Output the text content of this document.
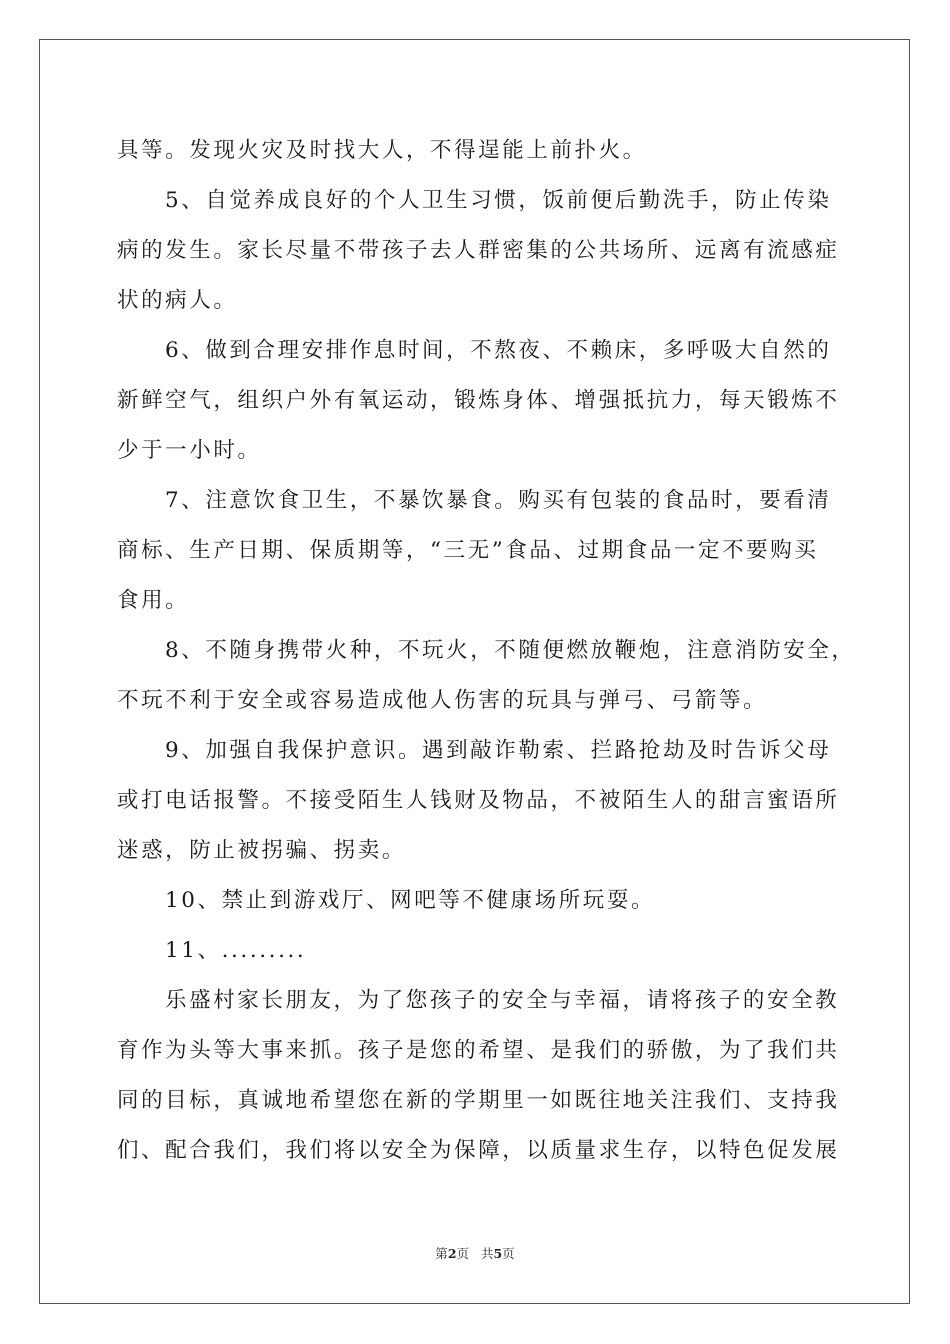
具等。发现火灾及时找大人，不得逞能上前扑火。
5、自觉养成良好的个人卫生习惯，饭前便后勤洗手，防止传染
病的发生。家长尽量不带孩子去人群密集的公共场所、远离有流感症
状的病人。
6、做到合理安排作息时间，不熬夜、不赖床，多呼吸大自然的
新鲜空气，组织户外有氧运动，锻炼身体、增强抵抗力，每天锻炼不
少于一小时。
7、注意饮食卫生，不暴饮暴食。购买有包装的食品时，要看清
商标、生产日期、保质期等，“三无”食品、过期食品一定不要购买
食用。
8、不随身携带火种，不玩火，不随便燃放鞭炮，注意消防安全，
不玩不利于安全或容易造成他人伤害的玩具与弹弓、弓箭等。
9、加强自我保护意识。遇到敲诈勒索、拦路抢劫及时告诉父母
或打电话报警。不接受陌生人钱财及物品，不被陌生人的甜言蜜语所
迷惑，防止被拐骗、拐卖。
10、禁止到游戏厅、网吧等不健康场所玩耍。
11、.........
乐盛村家长朋友，为了您孩子的安全与幸福，请将孩子的安全教
育作为头等大事来抓。孩子是您的希望、是我们的骄傲，为了我们共
同的目标，真诚地希望您在新的学期里一如既往地关注我们、支持我
们、配合我们，我们将以安全为保障，以质量求生存，以特色促发展
第2页 共5页
